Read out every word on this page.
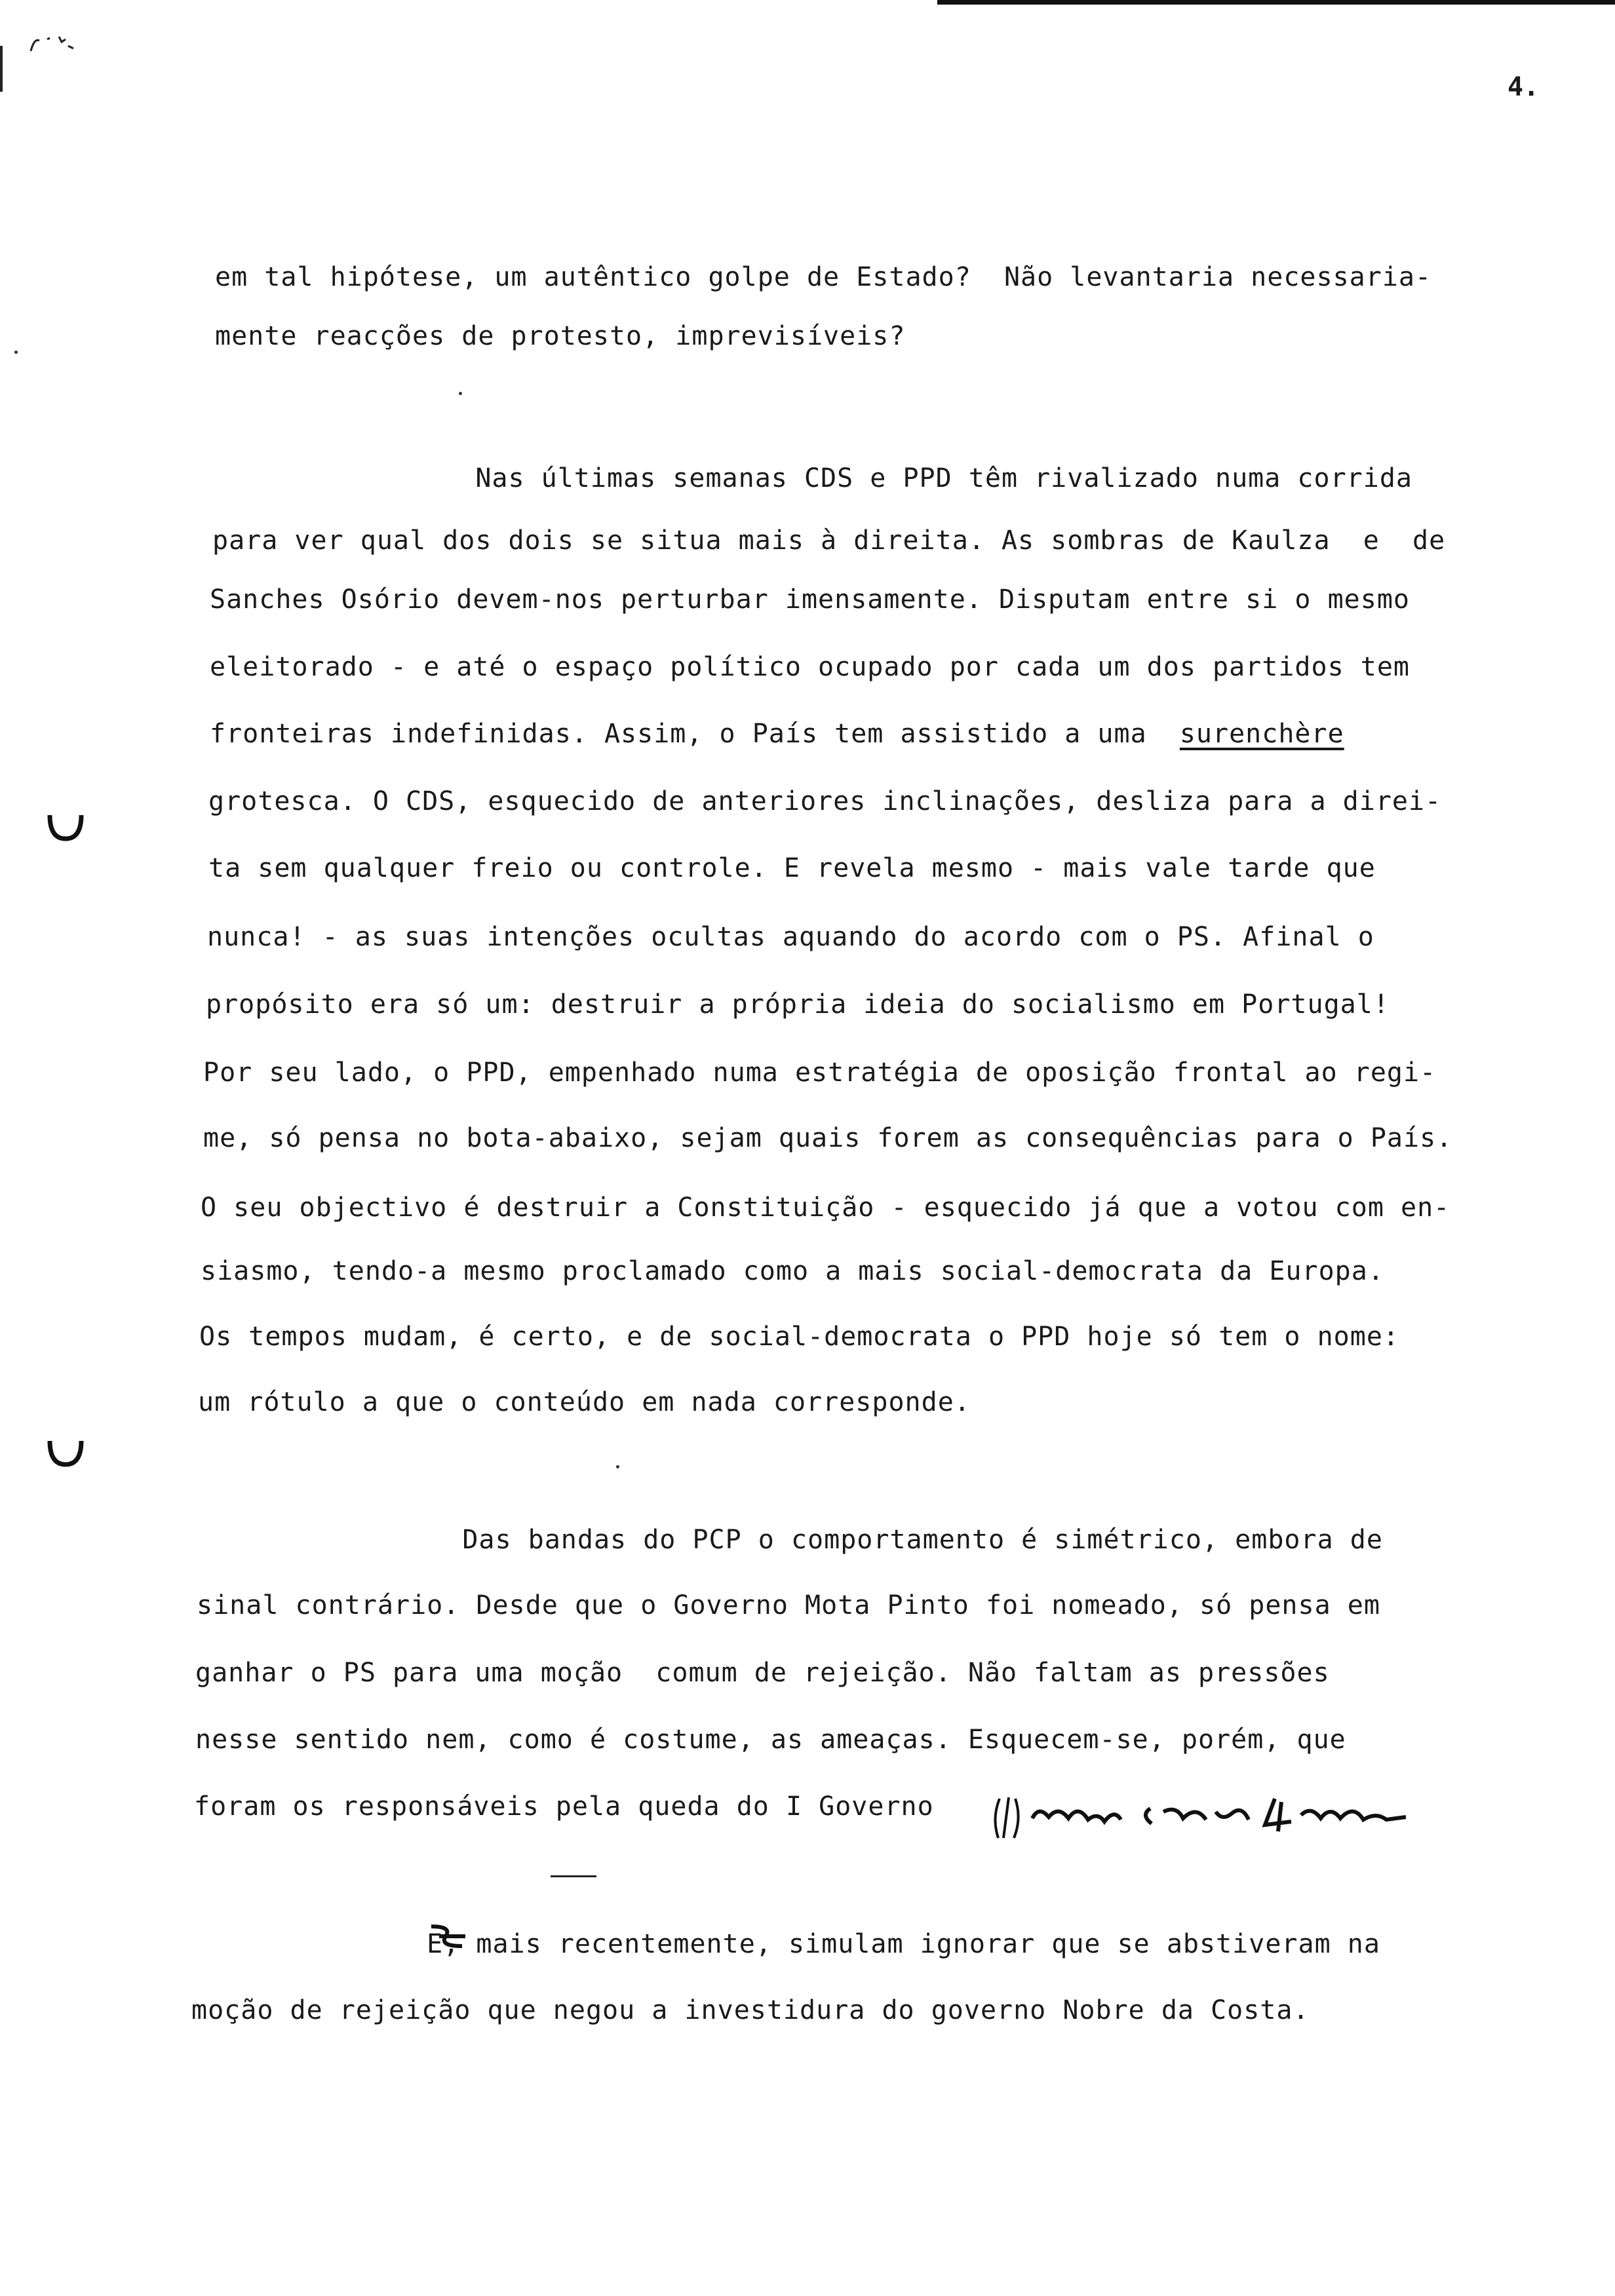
4.
em tal hipótese, um autêntico golpe de Estado?  Não levantaria necessaria-
mente reacções de protesto, imprevisíveis?
Nas últimas semanas CDS e PPD têm rivalizado numa corrida
para ver qual dos dois se situa mais à direita. As sombras de Kaulza  e  de
Sanches Osório devem-nos perturbar imensamente. Disputam entre si o mesmo
eleitorado - e até o espaço político ocupado por cada um dos partidos tem
fronteiras indefinidas. Assim, o País tem assistido a uma  surenchère
grotesca. O CDS, esquecido de anteriores inclinações, desliza para a direi-
ta sem qualquer freio ou controle. E revela mesmo - mais vale tarde que
nunca! - as suas intenções ocultas aquando do acordo com o PS. Afinal o
propósito era só um: destruir a própria ideia do socialismo em Portugal!
Por seu lado, o PPD, empenhado numa estratégia de oposição frontal ao regi-
me, só pensa no bota-abaixo, sejam quais forem as consequências para o País.
O seu objectivo é destruir a Constituição - esquecido já que a votou com en-
siasmo, tendo-a mesmo proclamado como a mais social-democrata da Europa.
Os tempos mudam, é certo, e de social-democrata o PPD hoje só tem o nome:
um rótulo a que o conteúdo em nada corresponde.
Das bandas do PCP o comportamento é simétrico, embora de
sinal contrário. Desde que o Governo Mota Pinto foi nomeado, só pensa em
ganhar o PS para uma moção  comum de rejeição. Não faltam as pressões
nesse sentido nem, como é costume, as ameaças. Esquecem-se, porém, que
foram os responsáveis pela queda do I Governo
E, mais recentemente, simulam ignorar que se abstiveram na
moção de rejeição que negou a investidura do governo Nobre da Costa.
